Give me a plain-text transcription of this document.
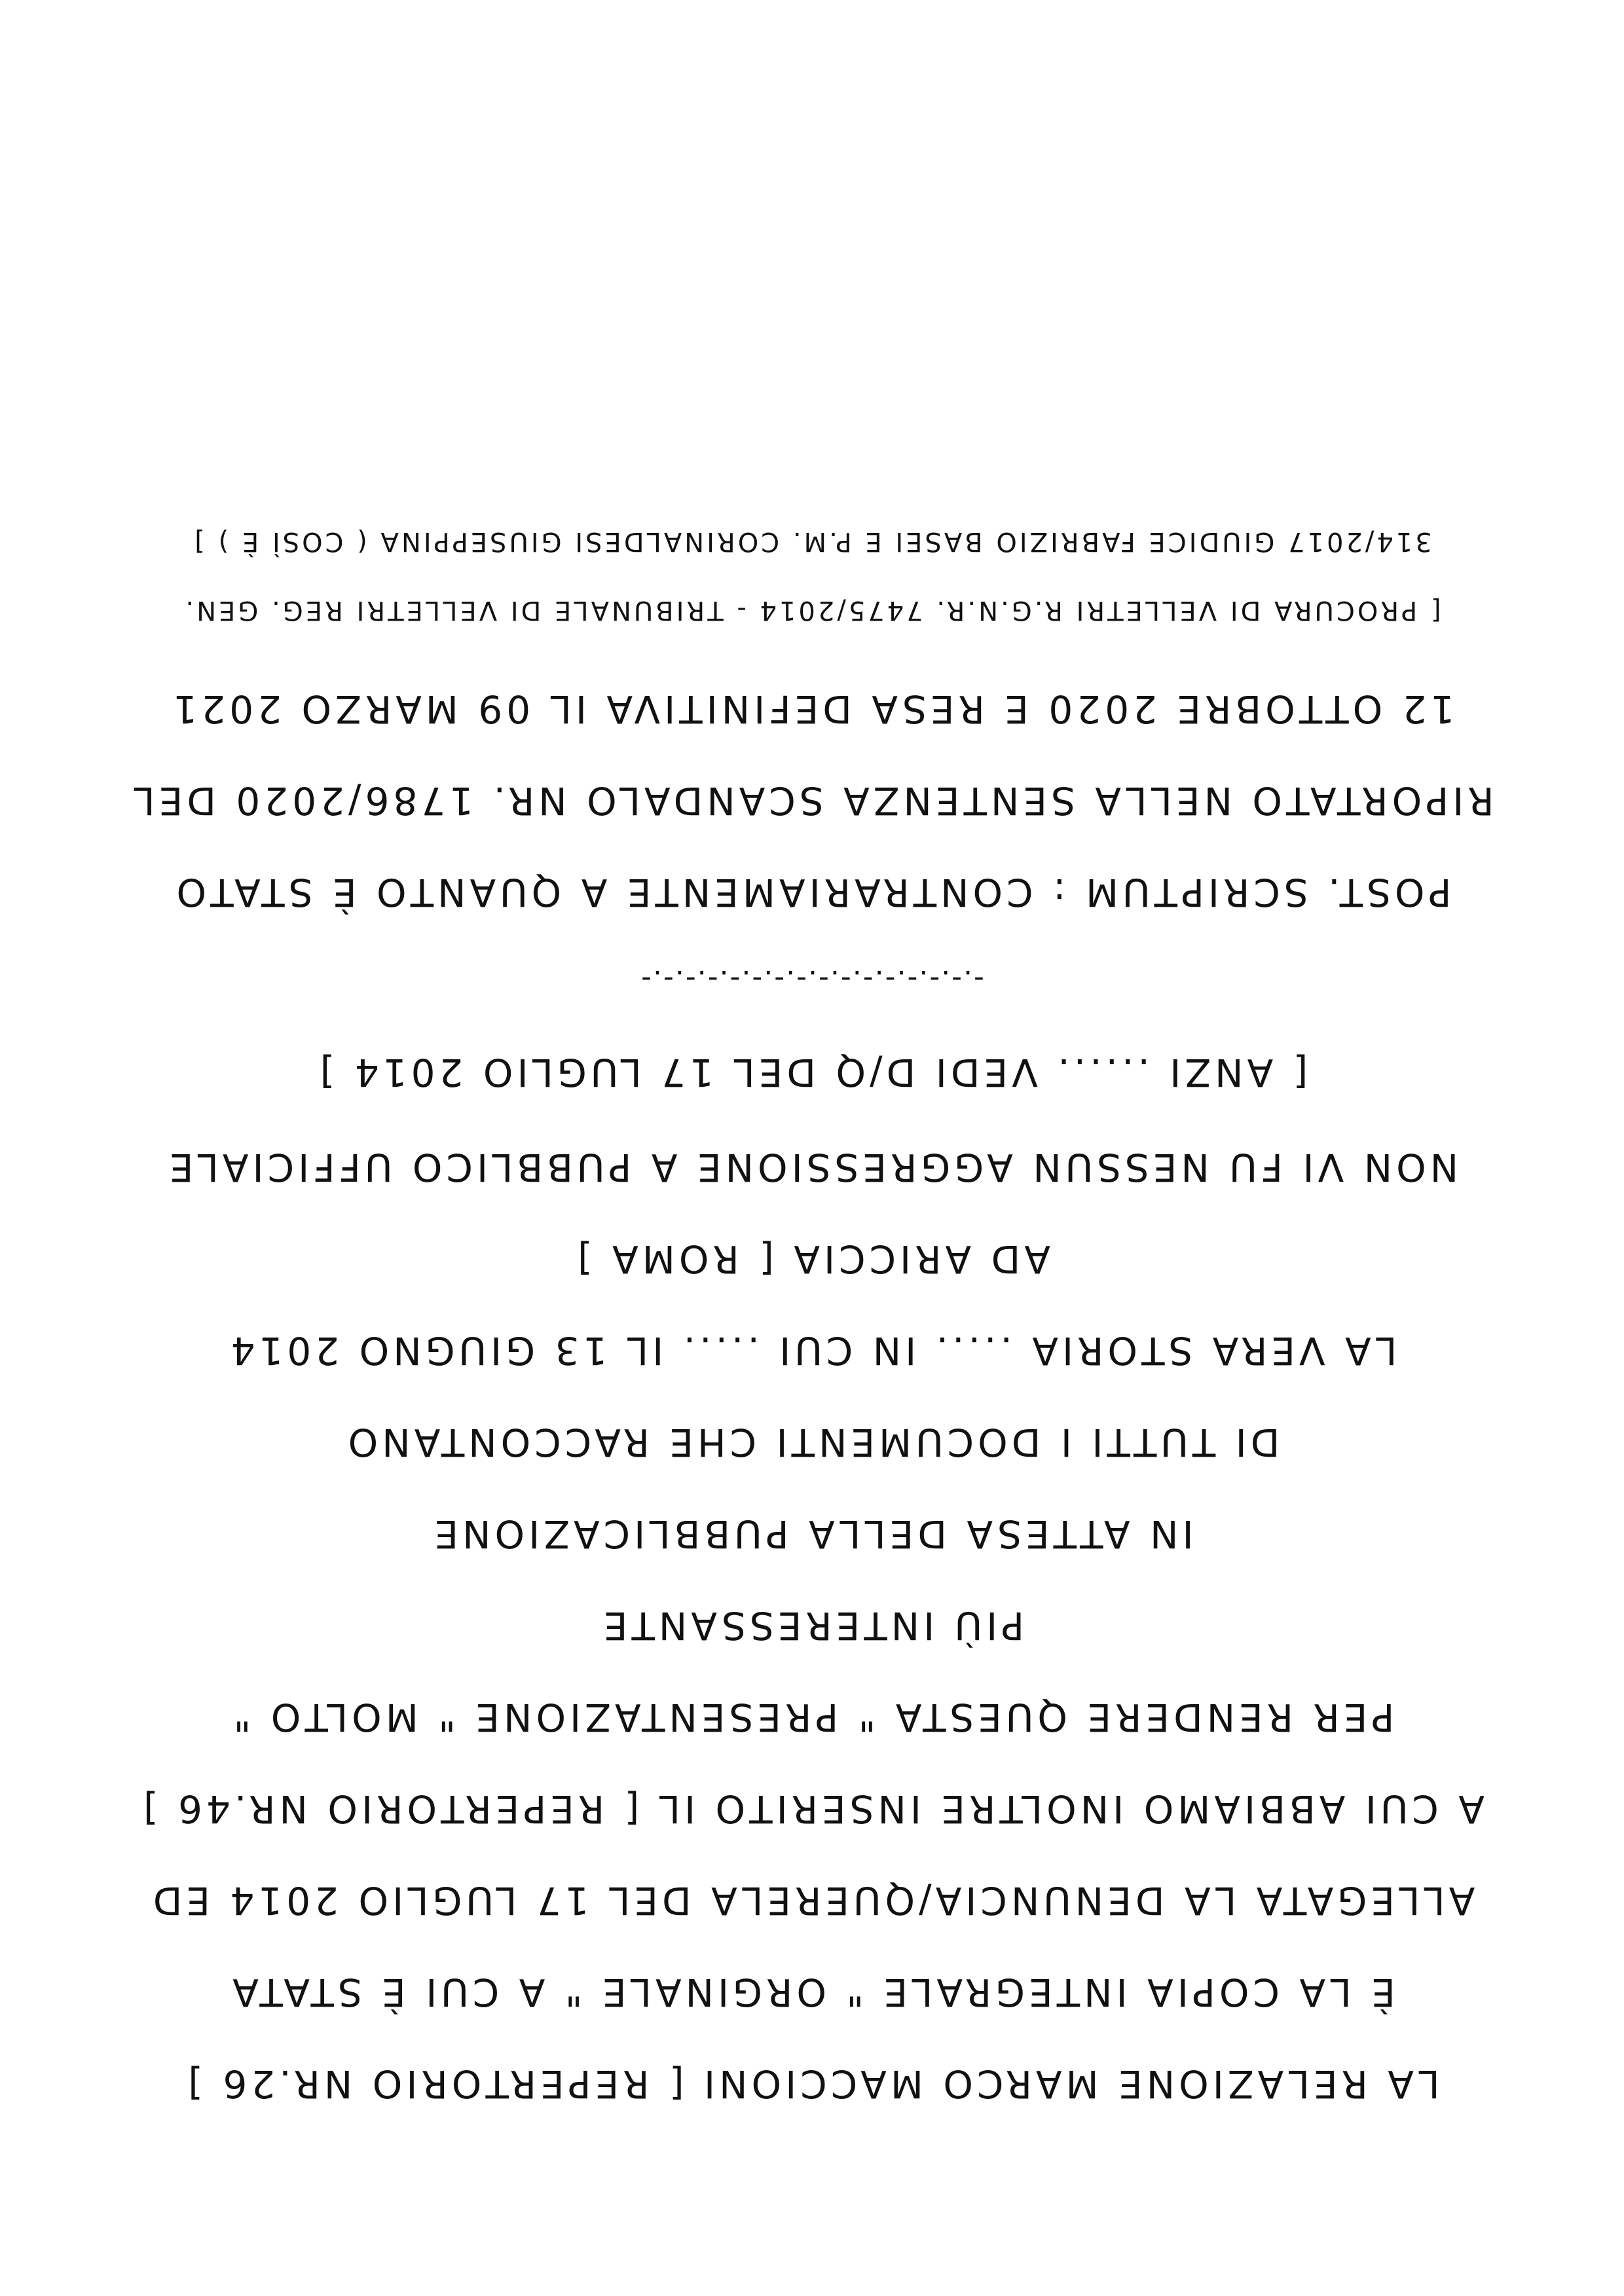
LA RELAZIONE MARCO MACCIONI [ REPERTORIO NR.26 ]
È LA COPIA INTEGRALE " ORGINALE " A CUI È STATA
ALLEGATA LA DENUNCIA/QUERELA DEL 17 LUGLIO 2014 ED
A CUI ABBIAMO INOLTRE INSERITO IL [ REPERTORIO NR.46 ]
PER RENDERE QUESTA " PRESENTAZIONE " MOLTO "
PIÙ INTERESSANTE
IN ATTESA DELLA PUBBLICAZIONE
DI TUTTI I DOCUMENTI CHE RACCONTANO
LA VERA STORIA ..... IN CUI ..... IL 13 GIUGNO 2014
AD ARICCIA [ ROMA ]
NON VI FU NESSUN AGGRESSIONE A PUBBLICO UFFICIALE
[ ANZI ...... VEDI D/Q DEL 17 LUGLIO 2014 ]
-.-.-.-.-.-.-.-.-.-.-.-.-.-.-.-
POST. SCRIPTUM : CONTRARIAMENTE A QUANTO È STATO
RIPORTATO NELLA SENTENZA SCANDALO NR. 1786/2020 DEL
12 OTTOBRE 2020 E RESA DEFINITIVA IL 09 MARZO 2021
[ PROCURA DI VELLETRI R.G.N.R. 7475/2014 - TRIBUNALE DI VELLETRI REG. GEN.
314/2017 GIUDICE FABRIZIO BASEI E P.M. CORINALDESI GIUSEPPINA ( COSÌ È ) ]
